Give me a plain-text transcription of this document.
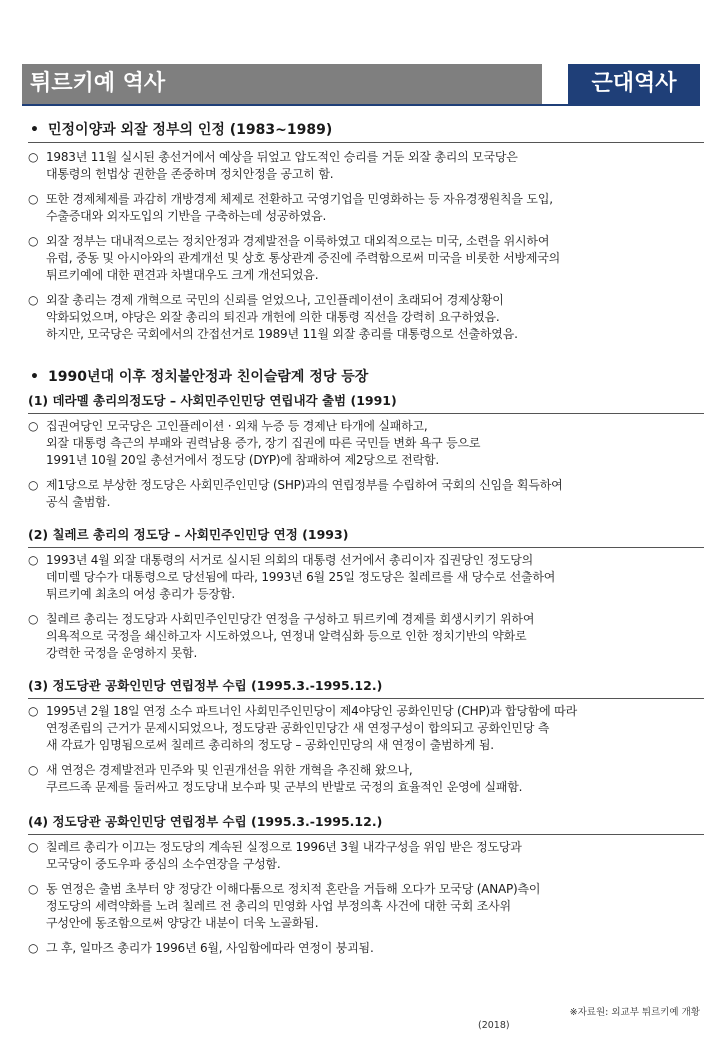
튀르키예 역사	근대역사
• 민정이양과 외잘 정부의 인정 (1983~1989)
○ 1983년 11월 실시된 총선거에서 예상을 뒤엎고 압도적인 승리를 거둔 외잘 총리의 모국당은
대통령의 헌법상 권한을 존중하며 정치안정을 공고히 함.
○ 또한 경제체제를 과감히 개방경제 체제로 전환하고 국영기업을 민영화하는 등 자유경쟁원칙을 도입,
수출증대와 외자도입의 기반을 구축하는데 성공하였음.
○ 외잘 정부는 대내적으로는 정치안정과 경제발전을 이룩하였고 대외적으로는 미국, 소련을 위시하여
유럽, 중동 및 아시아와의 관계개선 및 상호 통상관계 증진에 주력함으로써 미국을 비롯한 서방제국의
튀르키예에 대한 편견과 차별대우도 크게 개선되었음.
○ 외잘 총리는 경제 개혁으로 국민의 신뢰를 얻었으나, 고인플레이션이 초래되어 경제상황이
악화되었으며, 야당은 외잘 총리의 퇴진과 개헌에 의한 대통령 직선을 강력히 요구하였음.
하지만, 모국당은 국회에서의 간접선거로 1989년 11월 외잘 총리를 대통령으로 선출하였음.
• 1990년대 이후 정치불안정과 친이슬람계 정당 등장
(1) 데라멜 총리의정도당 – 사회민주인민당 연립내각 출범 (1991)
○ 집권여당인 모국당은 고인플레이션 · 외채 누증 등 경제난 타개에 실패하고,
외잘 대통령 측근의 부패와 권력남용 증가, 장기 집권에 따른 국민들 변화 욕구 등으로
1991년 10월 20일 총선거에서 정도당 (DYP)에 참패하여 제2당으로 전락함.
○ 제1당으로 부상한 정도당은 사회민주인민당 (SHP)과의 연립정부를 수립하여 국회의 신임을 획득하여
공식 출범함.
(2) 칠레르 총리의 정도당 – 사회민주인민당 연정 (1993)
○ 1993년 4월 외잘 대통령의 서거로 실시된 의회의 대통령 선거에서 총리이자 집권당인 정도당의
데미렐 당수가 대통령으로 당선됨에 따라, 1993년 6월 25일 정도당은 칠레르를 새 당수로 선출하여
튀르키예 최초의 여성 총리가 등장함.
○ 칠레르 총리는 정도당과 사회민주인민당간 연정을 구성하고 튀르키예 경제를 회생시키기 위하여
의욕적으로 국정을 쇄신하고자 시도하였으나, 연정내 알력심화 등으로 인한 정치기반의 약화로
강력한 국정을 운영하지 못함.
(3) 정도당관 공화인민당 연립정부 수립 (1995.3.-1995.12.)
○ 1995년 2월 18일 연정 소수 파트너인 사회민주인민당이 제4야당인 공화인민당 (CHP)과 합당함에 따라
연정존립의 근거가 문제시되었으나, 정도당관 공화인민당간 새 연정구성이 합의되고 공화인민당 측
새 각료가 임명됨으로써 칠레르 총리하의 정도당 – 공화인민당의 새 연정이 출범하게 됨.
○ 새 연정은 경제발전과 민주와 및 인권개선을 위한 개혁을 추진해 왔으나,
쿠르드족 문제를 둘러싸고 정도당내 보수파 및 군부의 반발로 국정의 효율적인 운영에 실패함.
(4) 정도당관 공화인민당 연립정부 수립 (1995.3.-1995.12.)
○ 칠레르 총리가 이끄는 정도당의 계속된 실정으로 1996년 3월 내각구성을 위임 받은 정도당과
모국당이 중도우파 중심의 소수연장을 구성함.
○ 동 연정은 출범 초부터 양 정당간 이해다툼으로 정치적 혼란을 거듭해 오다가 모국당 (ANAP)측이
정도당의 세력약화를 노려 칠레르 전 총리의 민영화 사업 부정의혹 사건에 대한 국회 조사위
구성안에 동조함으로써 양당간 내분이 더욱 노골화됨.
○ 그 후, 일마즈 총리가 1996년 6월, 사임함에따라 연정이 붕괴됨.
※자료원: 외교부 튀르키예 개황
(2018)
